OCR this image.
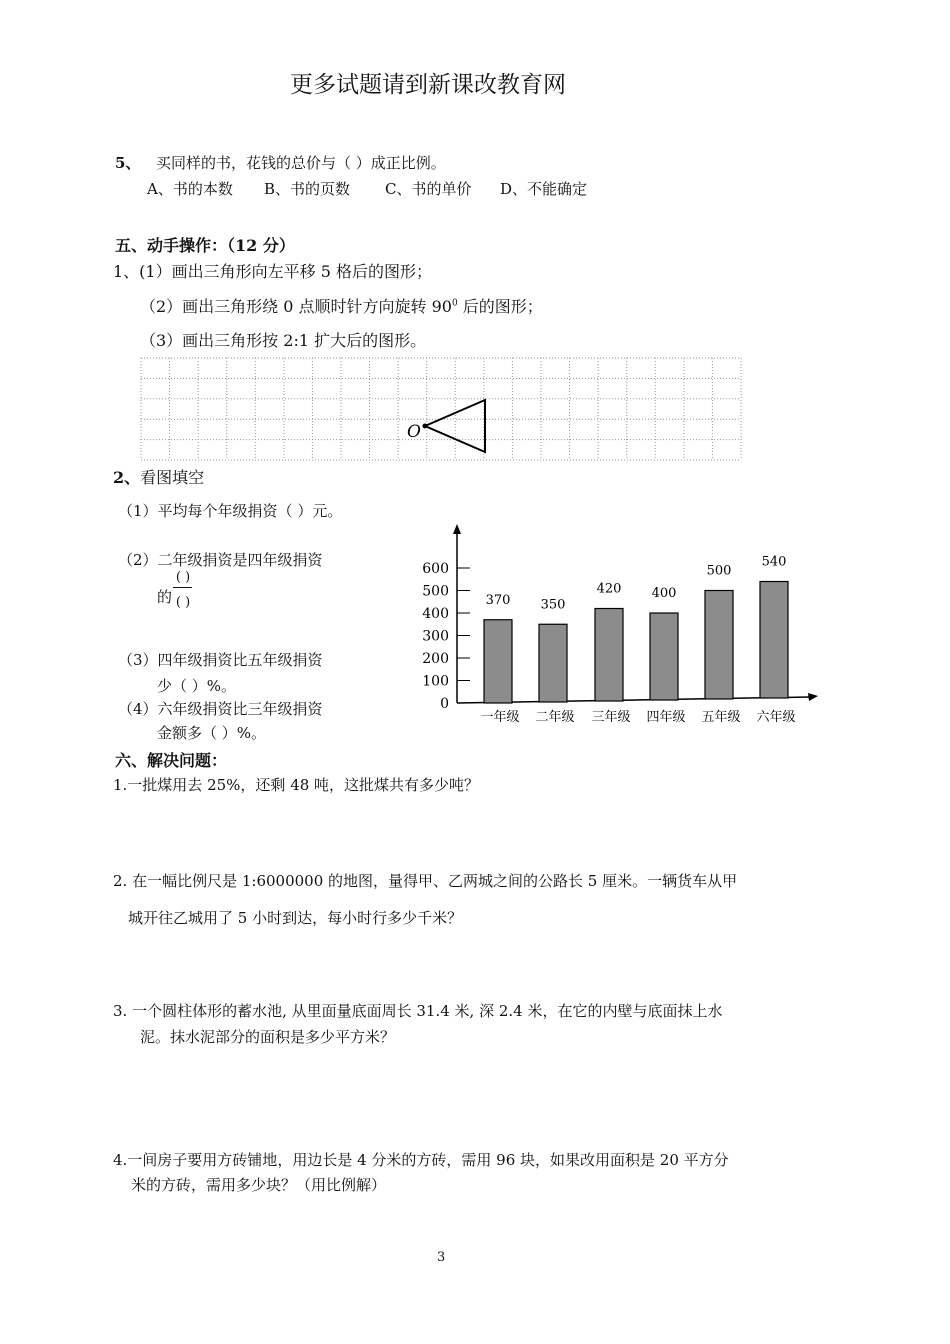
更多试题请到新课改教育网
5、 买同样的书，花钱的总价与（ ）成正比例。
A、书的本数 B、书的页数 C、书的单价 D、不能确定
五、动手操作：（12 分）
1、(1）画出三角形向左平移 5 格后的图形；
（2）画出三角形绕 0 点顺时针方向旋转 $90^0$ 后的图形；
（3）画出三角形按 2:1 扩大后的图形。
O
2、看图填空
（1）平均每个年级捐资（ ）元。
（2）二年级捐资是四年级捐资
的
( )
( )
（3）四年级捐资比五年级捐资
少（ ）%。
（4）六年级捐资比三年级捐资
金额多（ ）%。
0
100
200
300
400
500
600
370
一年级
350
二年级
420
三年级
400
四年级
500
五年级
540
六年级
六、解决问题：
1.一批煤用去 25%，还剩 48 吨，这批煤共有多少吨？
2. 在一幅比例尺是 1:6000000 的地图，量得甲、乙两城之间的公路长 5 厘米。一辆货车从甲
城开往乙城用了 5 小时到达，每小时行多少千米？
3. 一个圆柱体形的蓄水池, 从里面量底面周长 31.4 米, 深 2.4 米，在它的内壁与底面抹上水
泥。抹水泥部分的面积是多少平方米？
4.一间房子要用方砖铺地，用边长是 4 分米的方砖，需用 96 块，如果改用面积是 20 平方分
米的方砖，需用多少块？（用比例解）
3
